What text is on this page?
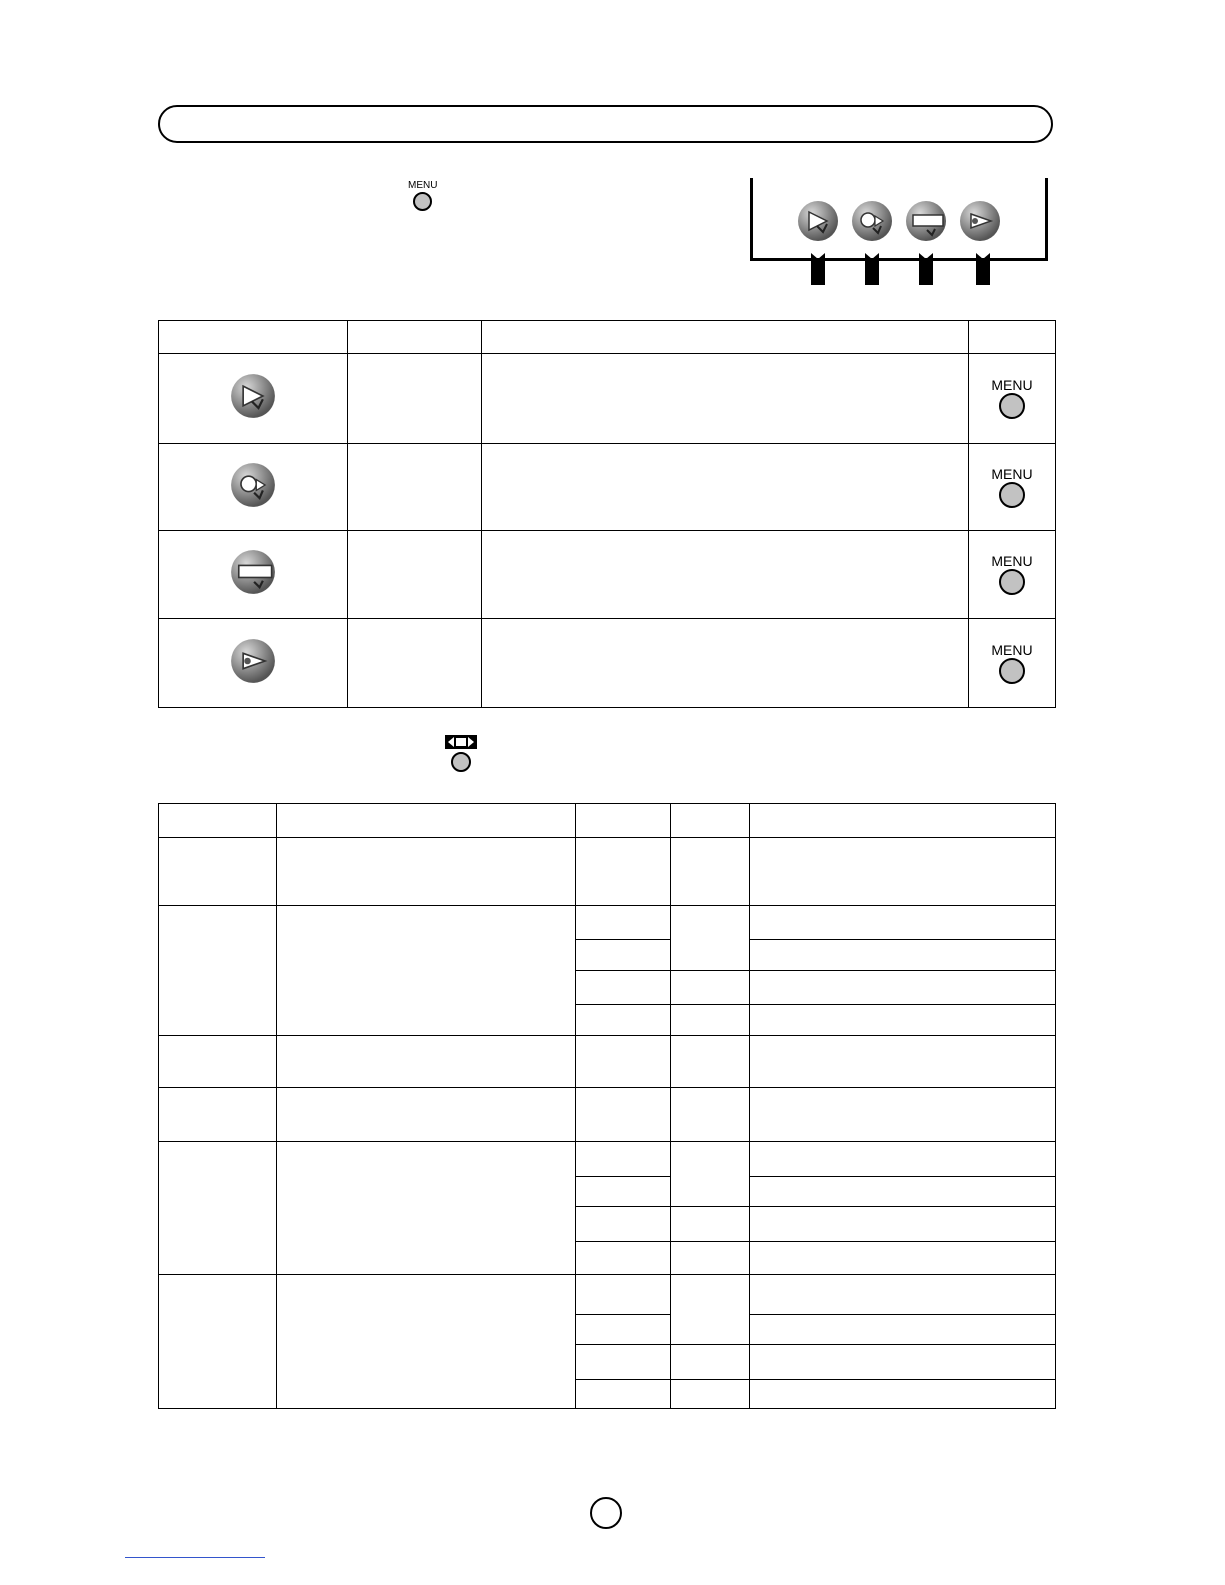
MENU

MENU

MENU

MENU

MENU
